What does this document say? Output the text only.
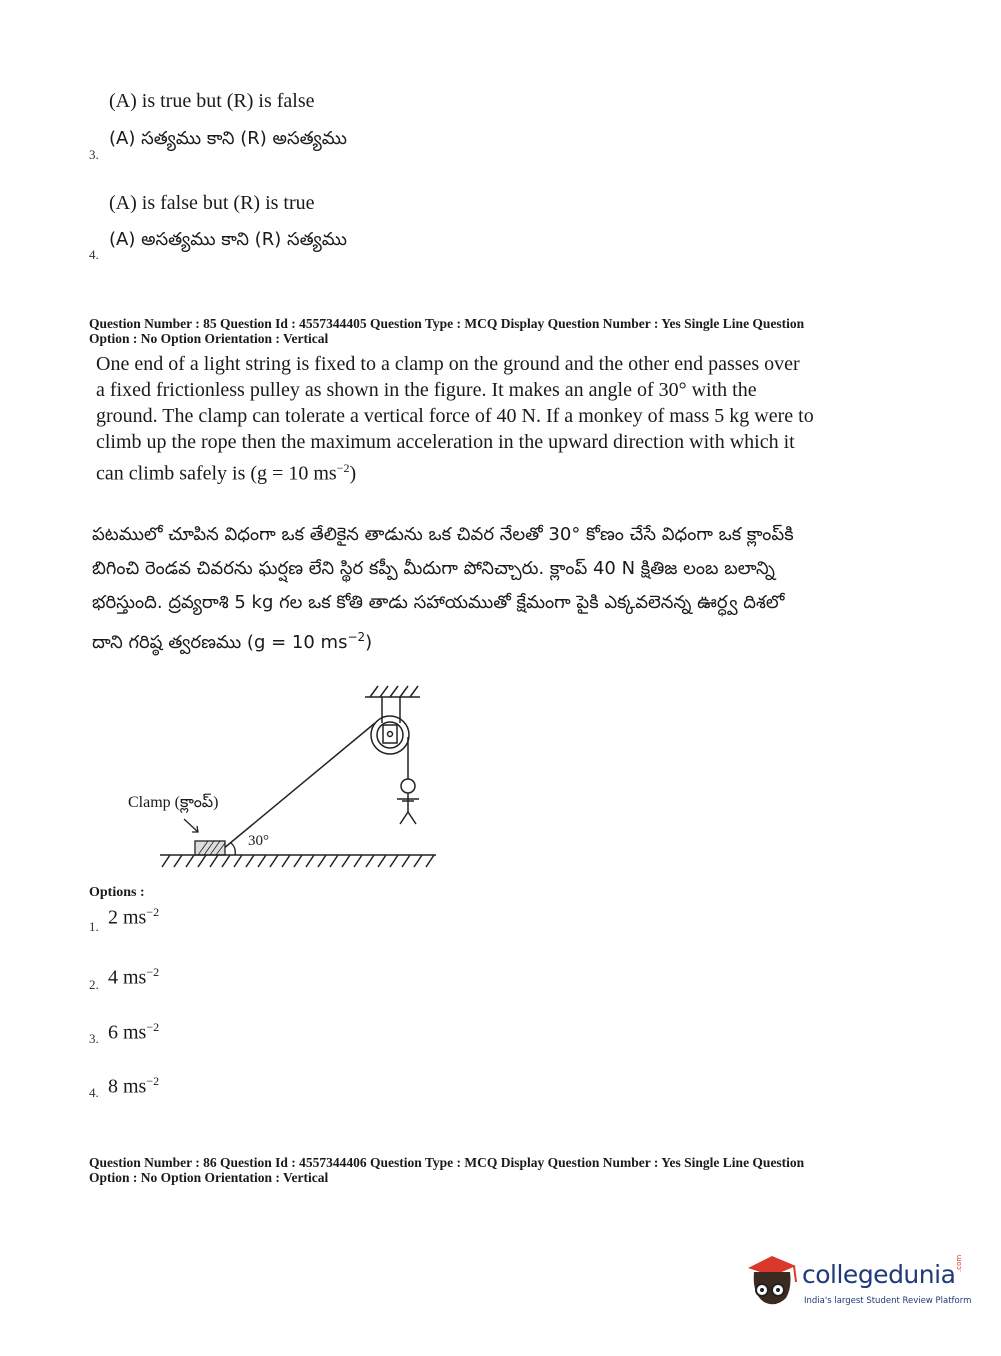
(A) is true but (R) is false
3.
(A) సత్యము కాని (R) అసత్యము
(A) is false but (R) is true
4.
(A) అసత్యము కాని (R) సత్యము
Question Number : 85 Question Id : 4557344405 Question Type : MCQ Display Question Number : Yes Single Line Question
Option : No Option Orientation : Vertical
One end of a light string is fixed to a clamp on the ground and the other end passes over
a fixed frictionless pulley as shown in the figure. It makes an angle of 30° with the
ground. The clamp can tolerate a vertical force of 40 N. If a monkey of mass 5 kg were to
climb up the rope then the maximum acceleration in the upward direction with which it
can climb safely is (g = 10 $ms^{-2}$)
పటములో చూపిన విధంగా ఒక తేలికైన తాడును ఒక చివర నేలతో 30° కోణం చేసే విధంగా ఒక క్లాంప్‌కి
బిగించి రెండవ చివరను ఘర్షణ లేని స్థిర కప్పీ మీదుగా పోనిచ్చారు. క్లాంప్ 40 N క్షితిజ లంబ బలాన్ని
భరిస్తుంది. ద్రవ్యరాశి 5 kg గల ఒక కోతి తాడు సహాయముతో క్షేమంగా పైకి ఎక్కవలెనన్న ఊర్ధ్వ దిశలో
దాని గరిష్ఠ త్వరణము (g = 10 $ms^{-2}$)
30°
Clamp (క్లాంప్)
Options :
1. 2 $ms^{-2}$
2. 4 $ms^{-2}$
3. 6 $ms^{-2}$
4. 8 $ms^{-2}$
Question Number : 86 Question Id : 4557344406 Question Type : MCQ Display Question Number : Yes Single Line Question
Option : No Option Orientation : Vertical
collegedunia .com
India's largest Student Review Platform
